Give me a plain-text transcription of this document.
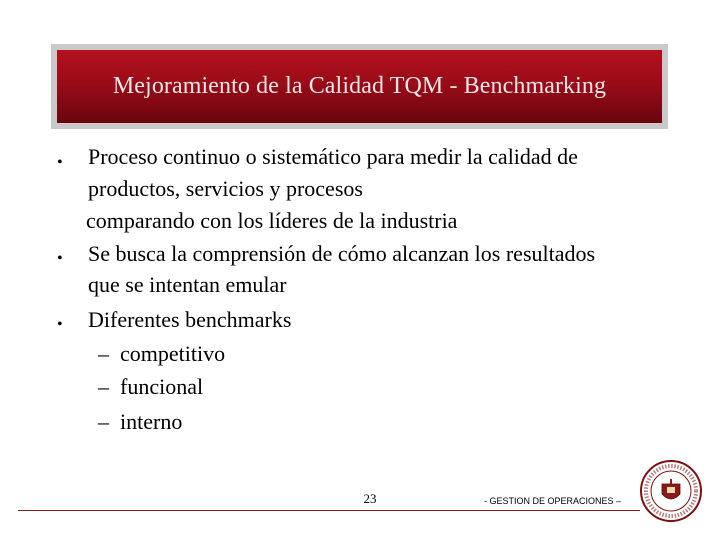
Mejoramiento de la Calidad TQM - Benchmarking
• Proceso continuo o sistemático para medir la calidad de
productos, servicios y procesos
comparando con los líderes de la industria
• Se busca la comprensión de cómo alcanzan los resultados
que se intentan emular
• Diferentes benchmarks
– competitivo
– funcional
– interno
23	- GESTION DE OPERACIONES –
